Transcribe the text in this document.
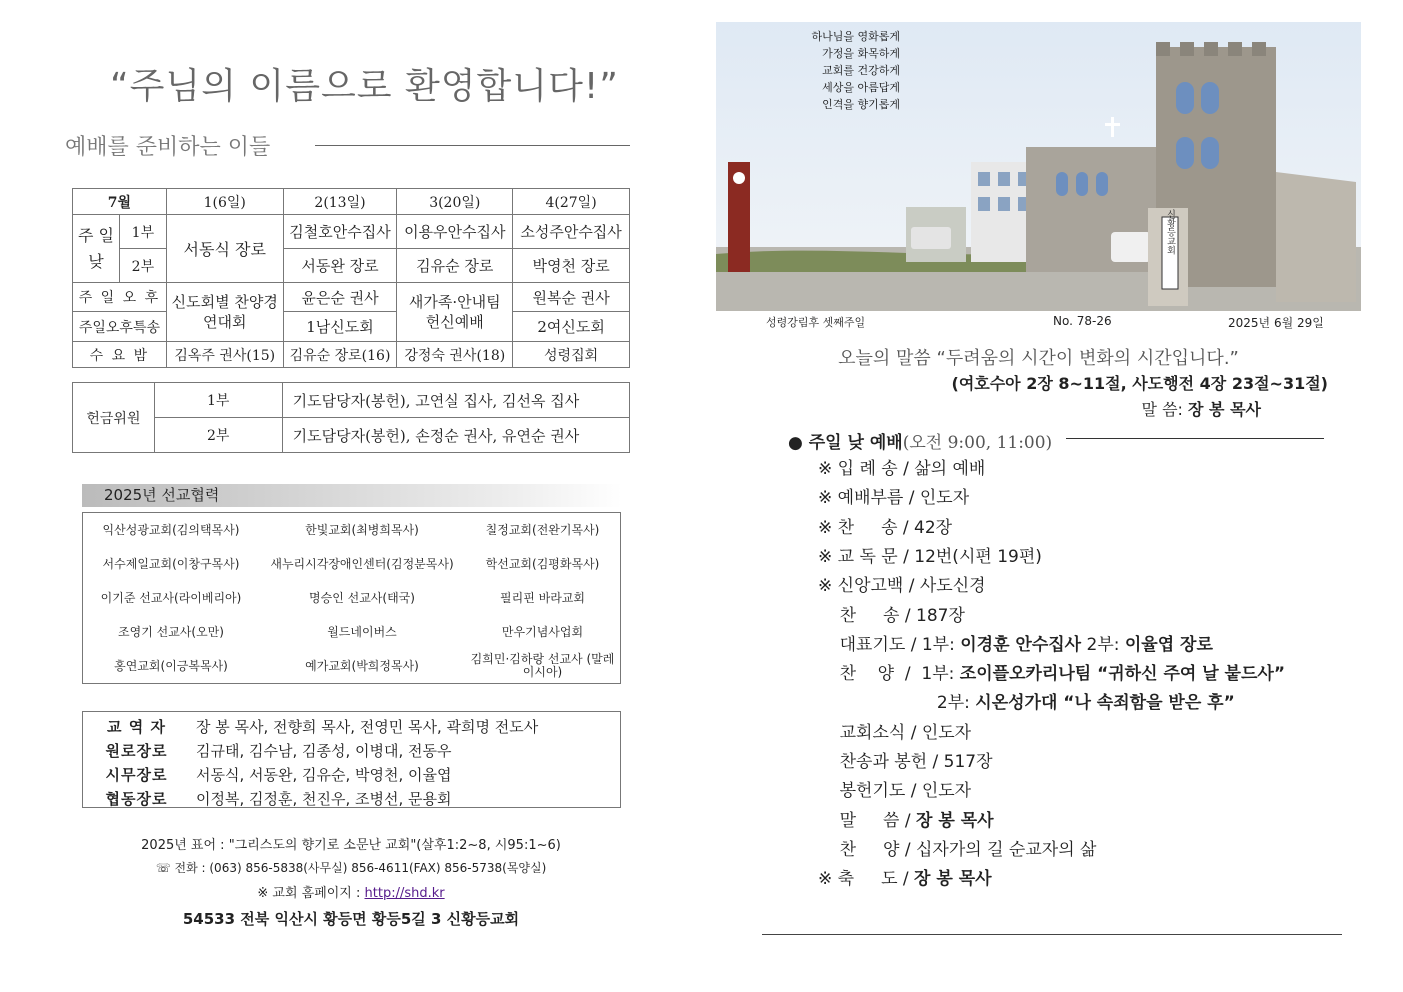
“주님의 이름으로 환영합니다!”
예배를 준비하는 이들
7월		1(6일)	2(13일)	3(20일)	4(27일)
주 일 낮	1부	서동식 장로	김철호안수집사	이용우안수집사	소성주안수집사
	2부		서동완 장로	김유순 장로	박영천 장로
주 일 오 후		신도회별 찬양경연대회	윤은순 권사	새가족·안내팀 헌신예배	원복순 권사
주일오후특송			1남신도회		2여신도회
수 요 밤		김옥주 권사(15)	김유순 장로(16)	강정숙 권사(18)	성령집회
헌금위원	1부	기도담당자(봉헌), 고연실 집사, 김선옥 집사
	2부	기도담당자(봉헌), 손정순 권사, 유연순 권사
2025년 선교협력
익산성광교회(김의택목사)	한빛교회(최병희목사)	칠정교회(전완기목사)
서수제일교회(이창구목사)	새누리시각장애인센터(김정분목사)	학선교회(김평화목사)
이기준 선교사(라이베리아)	명승인 선교사(태국)	필리핀 바라교회
조영기 선교사(오만)	월드네이버스	만우기념사업회
홍연교회(이긍복목사)	예가교회(박희정목사)	김희민·김하랑 선교사 (말레이시아)
교 역 자	장 봉 목사, 전향희 목사, 전영민 목사, 곽희명 전도사
원로장로	김규태, 김수남, 김종성, 이병대, 전동우
시무장로	서동식, 서동완, 김유순, 박영천, 이율엽
협동장로	이정복, 김정훈, 천진우, 조병선, 문용회
2025년 표어 : "그리스도의 향기로 소문난 교회"(살후1:2~8, 시95:1~6)
☏ 전화 : (063) 856-5838(사무실) 856-4611(FAX) 856-5738(목양실)
※ 교회 홈페이지 : http://shd.kr
54533 전북 익산시 황등면 황등5길 3 신황등교회
신황등교회
하나님을 영화롭게
가정을 화목하게
교회를 건강하게
세상을 아름답게
인격을 향기롭게
성령강림후 셋째주일	No. 78-26	2025년 6월 29일
오늘의 말씀 “두려움의 시간이 변화의 시간입니다.”
(여호수아 2장 8~11절, 사도행전 4장 23절~31절)
말 씀: 장 봉 목사
● 주일 낮 예배(오전 9:00, 11:00)
※ 입 례 송 / 삶의 예배
※ 예배부름 / 인도자
※ 찬     송 / 42장
※ 교 독 문 / 12번(시편 19편)
※ 신앙고백 / 사도신경
찬     송 / 187장
대표기도 / 1부: 이경훈 안수집사 2부: 이율엽 장로
찬    양  /  1부: 조이플오카리나팀 “귀하신 주여 날 붙드사”
2부: 시온성가대 “나 속죄함을 받은 후”
교회소식 / 인도자
찬송과 봉헌 / 517장
봉헌기도 / 인도자
말     씀 / 장 봉 목사
찬     양 / 십자가의 길 순교자의 삶
※ 축     도 / 장 봉 목사
